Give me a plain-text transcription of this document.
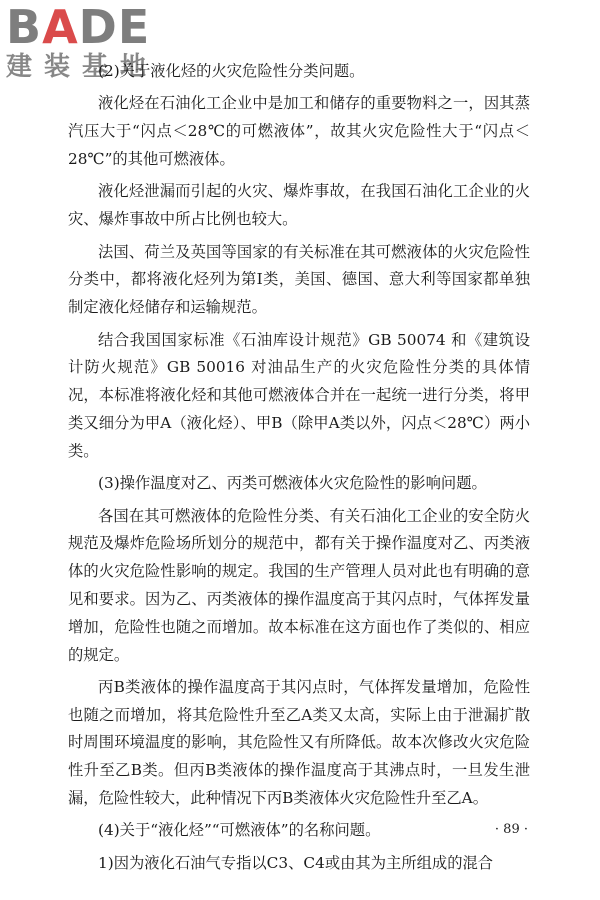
BADE
建装基地

(2)关于液化烃的火灾危险性分类问题。

液化烃在石油化工企业中是加工和储存的重要物料之一，因其蒸汽压大于“闪点＜28℃的可燃液体”，故其火灾危险性大于“闪点＜28℃”的其他可燃液体。

液化烃泄漏而引起的火灾、爆炸事故，在我国石油化工企业的火灾、爆炸事故中所占比例也较大。

法国、荷兰及英国等国家的有关标准在其可燃液体的火灾危险性分类中，都将液化烃列为第Ⅰ类，美国、德国、意大利等国家都单独制定液化烃储存和运输规范。

结合我国国家标准《石油库设计规范》GB 50074 和《建筑设计防火规范》GB 50016 对油品生产的火灾危险性分类的具体情况，本标准将液化烃和其他可燃液体合并在一起统一进行分类，将甲类又细分为甲A（液化烃）、甲B（除甲A类以外，闪点＜28℃）两小类。

(3)操作温度对乙、丙类可燃液体火灾危险性的影响问题。

各国在其可燃液体的危险性分类、有关石油化工企业的安全防火规范及爆炸危险场所划分的规范中，都有关于操作温度对乙、丙类液体的火灾危险性影响的规定。我国的生产管理人员对此也有明确的意见和要求。因为乙、丙类液体的操作温度高于其闪点时，气体挥发量增加，危险性也随之而增加。故本标准在这方面也作了类似的、相应的规定。

丙B类液体的操作温度高于其闪点时，气体挥发量增加，危险性也随之而增加，将其危险性升至乙A类又太高，实际上由于泄漏扩散时周围环境温度的影响，其危险性又有所降低。故本次修改火灾危险性升至乙B类。但丙B类液体的操作温度高于其沸点时，一旦发生泄漏，危险性较大，此种情况下丙B类液体火灾危险性升至乙A。

(4)关于“液化烃”“可燃液体”的名称问题。

1)因为液化石油气专指以C3、C4或由其为主所组成的混合

· 89 ·
